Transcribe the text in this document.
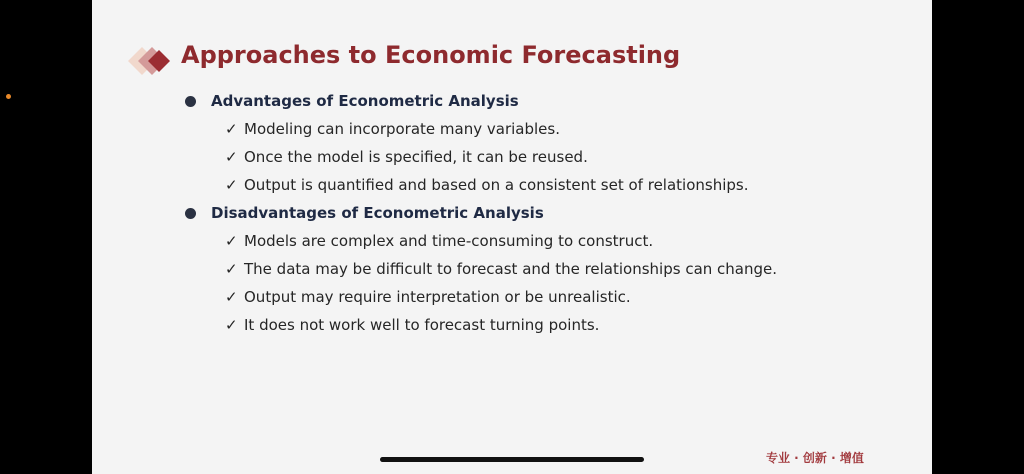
Approaches to Economic Forecasting
Advantages of Econometric Analysis
✓ Modeling can incorporate many variables.
✓ Once the model is specified, it can be reused.
✓ Output is quantified and based on a consistent set of relationships.
Disadvantages of Econometric Analysis
✓ Models are complex and time-consuming to construct.
✓ The data may be difficult to forecast and the relationships can change.
✓ Output may require interpretation or be unrealistic.
✓ It does not work well to forecast turning points.
专业 · 创新 · 增值
